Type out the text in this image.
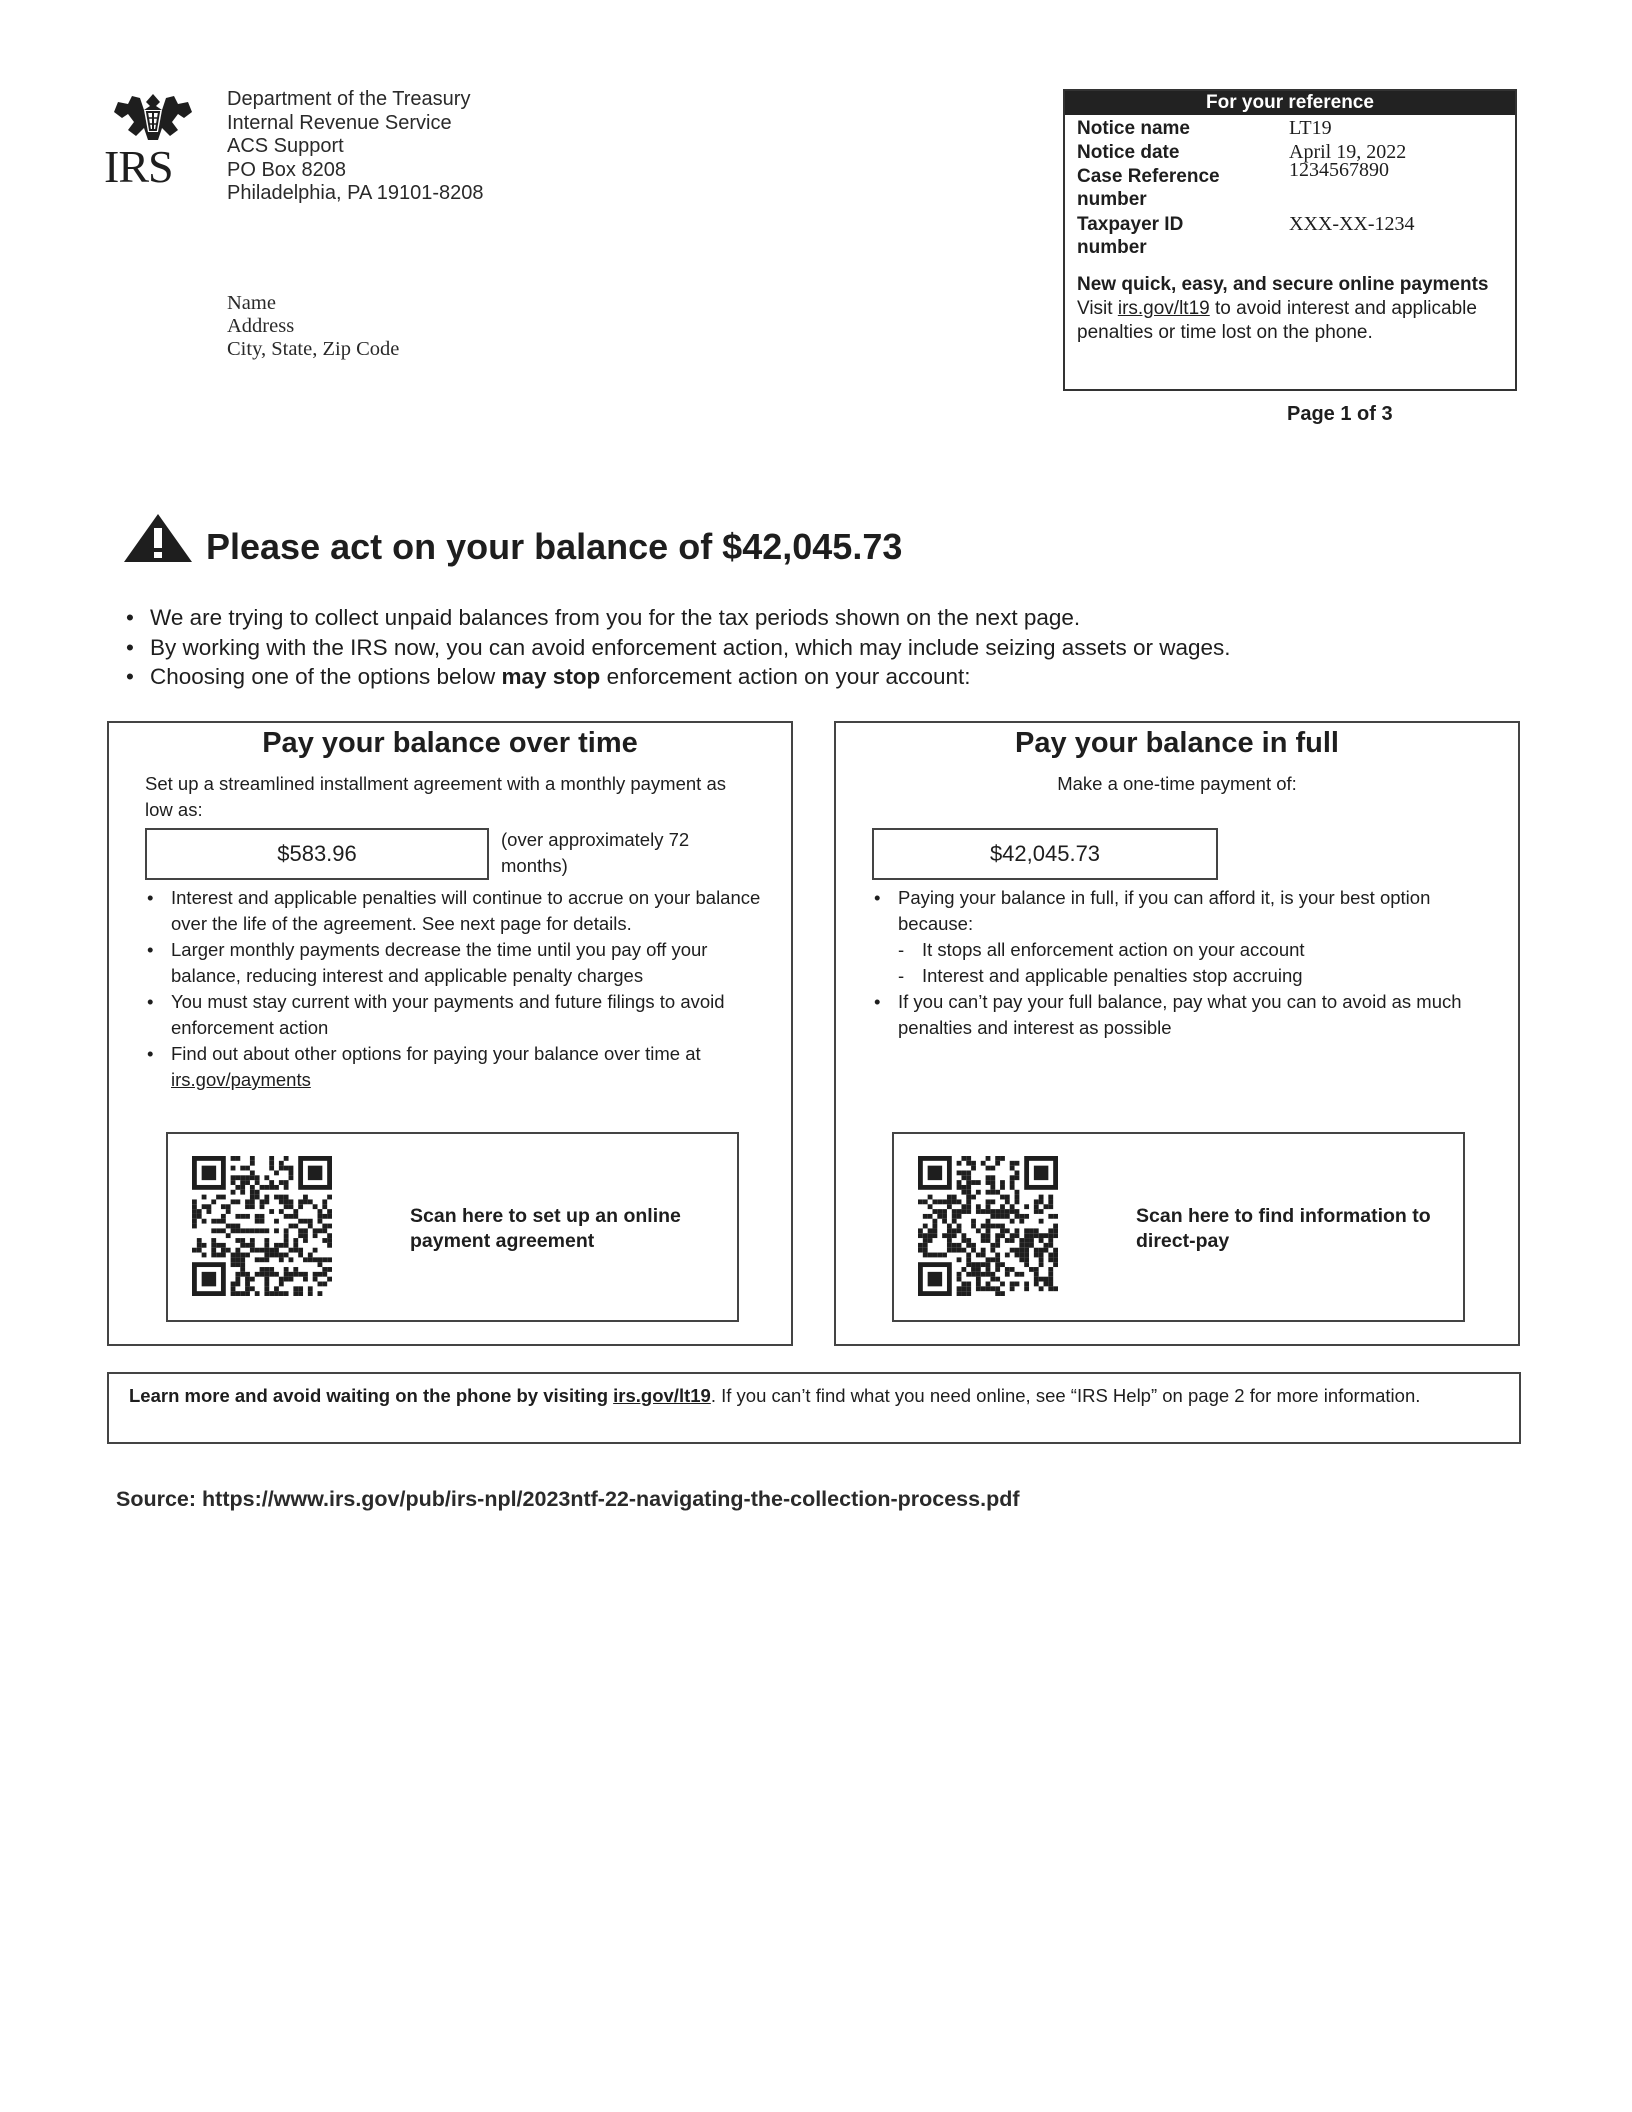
IRS
Department of the Treasury
Internal Revenue Service
ACS Support
PO Box 8208
Philadelphia, PA 19101-8208
Name
Address
City, State, Zip Code
For your reference
Notice name	LT19
Notice date	April 19, 2022
Case Reference number
1234567890
Taxpayer ID number
XXX-XX-1234
New quick, easy, and secure online payments
Visit irs.gov/lt19 to avoid interest and applicable penalties or time lost on the phone.
Page 1 of 3
Please act on your balance of $42,045.73
• We are trying to collect unpaid balances from you for the tax periods shown on the next page.
• By working with the IRS now, you can avoid enforcement action, which may include seizing assets or wages.
• Choosing one of the options below may stop enforcement action on your account:
Pay your balance over time
Set up a streamlined installment agreement with a monthly payment as low as:
$583.96
(over approximately 72 months)
• Interest and applicable penalties will continue to accrue on your balance over the life of the agreement. See next page for details.
• Larger monthly payments decrease the time until you pay off your balance, reducing interest and applicable penalty charges
• You must stay current with your payments and future filings to avoid enforcement action
• Find out about other options for paying your balance over time at irs.gov/payments
Scan here to set up an online payment agreement
Pay your balance in full
Make a one-time payment of:
$42,045.73
• Paying your balance in full, if you can afford it, is your best option because:
- It stops all enforcement action on your account
- Interest and applicable penalties stop accruing
• If you can’t pay your full balance, pay what you can to avoid as much penalties and interest as possible
Scan here to find information to direct-pay
Learn more and avoid waiting on the phone by visiting irs.gov/lt19. If you can’t find what you need online, see “IRS Help” on page 2 for more information.
Source: https://www.irs.gov/pub/irs-npl/2023ntf-22-navigating-the-collection-process.pdf
